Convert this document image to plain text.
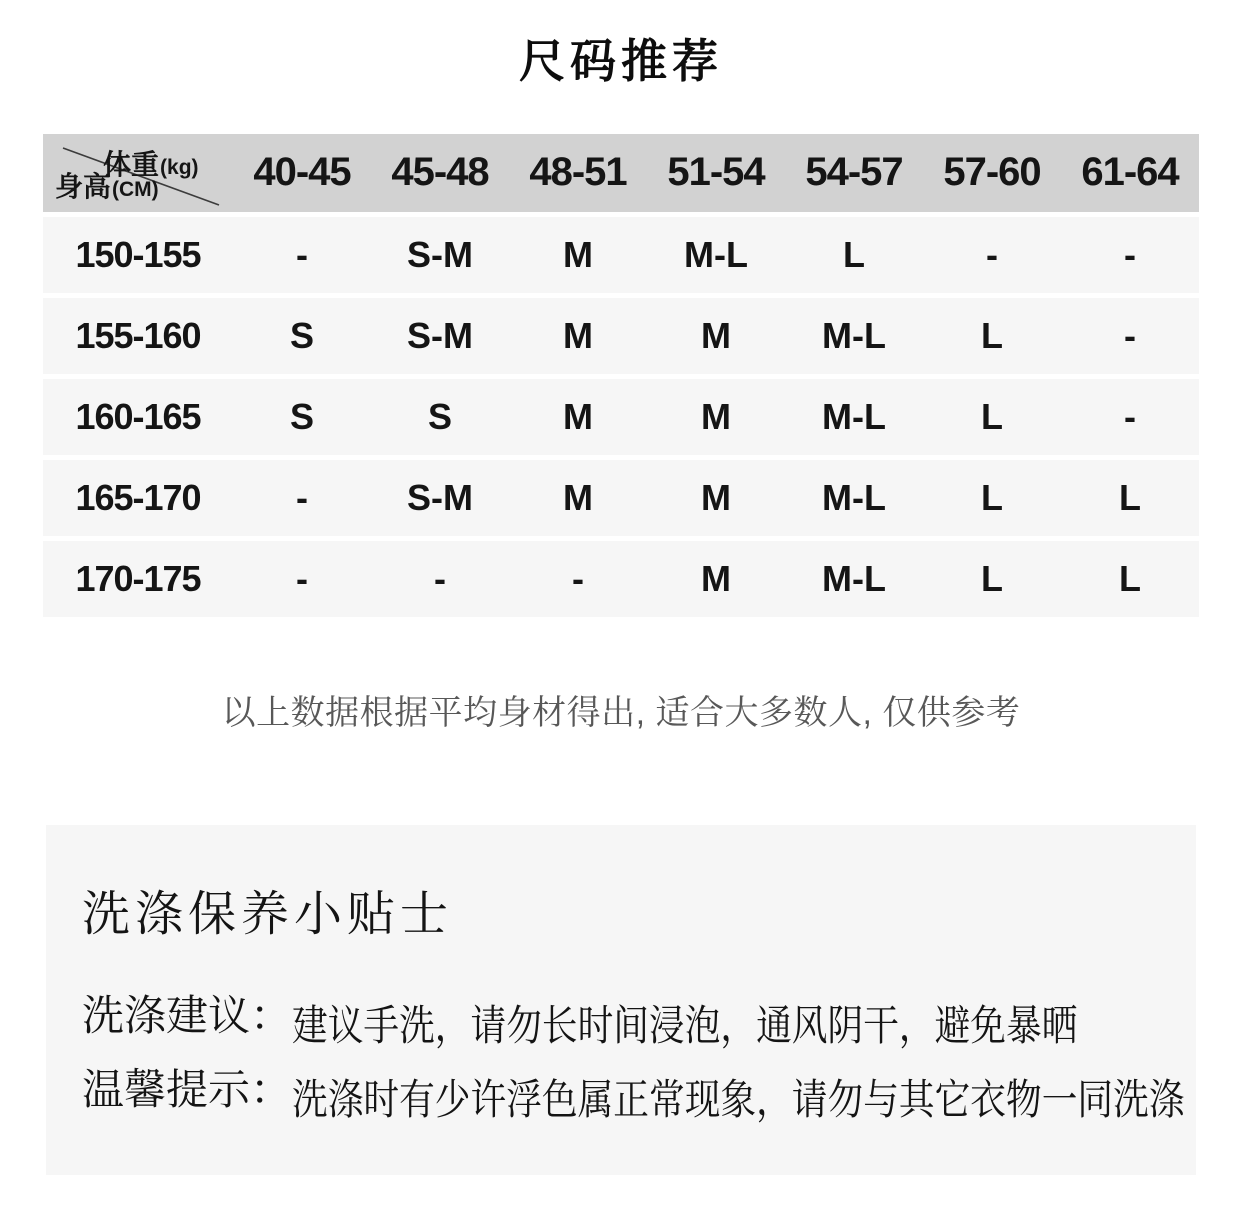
尺码推荐
体重(kg)
身高(CM)	40-45	45-48	48-51	51-54	54-57	57-60	61-64
150-155	-	S-M	M	M-L	L	-	-
155-160	S	S-M	M	M	M-L	L	-
160-165	S	S	M	M	M-L	L	-
165-170	-	S-M	M	M	M-L	L	L
170-175	-	-	-	M	M-L	L	L

以上数据根据平均身材得出, 适合大多数人, 仅供参考

洗涤保养小贴士

洗涤建议：建议手洗，请勿长时间浸泡，通风阴干，避免暴晒

温馨提示：洗涤时有少许浮色属正常现象，请勿与其它衣物一同洗涤
